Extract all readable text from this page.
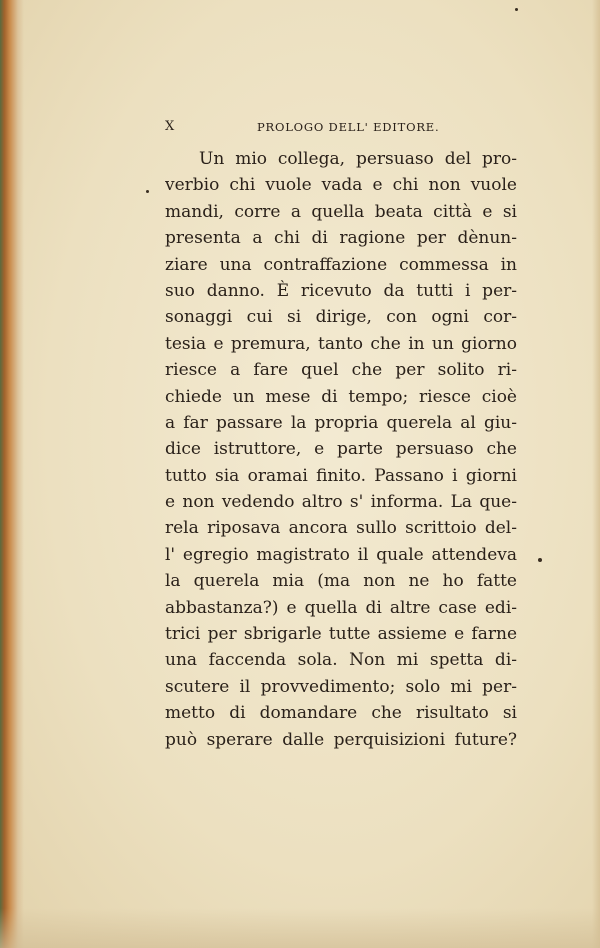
X	PROLOGO DELL' EDITORE.
Un mio collega, persuaso del pro-
verbio chi vuole vada e chi non vuole
mandi, corre a quella beata città e si
presenta a chi di ragione per dènun-
ziare una contraffazione commessa in
suo danno. È ricevuto da tutti i per-
sonaggi cui si dirige, con ogni cor-
tesia e premura, tanto che in un giorno
riesce a fare quel che per solito ri-
chiede un mese di tempo; riesce cioè
a far passare la propria querela al giu-
dice istruttore, e parte persuaso che
tutto sia oramai finito. Passano i giorni
e non vedendo altro s' informa. La que-
rela riposava ancora sullo scrittoio del-
l' egregio magistrato il quale attendeva
la querela mia (ma non ne ho fatte
abbastanza?) e quella di altre case edi-
trici per sbrigarle tutte assieme e farne
una faccenda sola. Non mi spetta di-
scutere il provvedimento; solo mi per-
metto di domandare che risultato si
può sperare dalle perquisizioni future?
